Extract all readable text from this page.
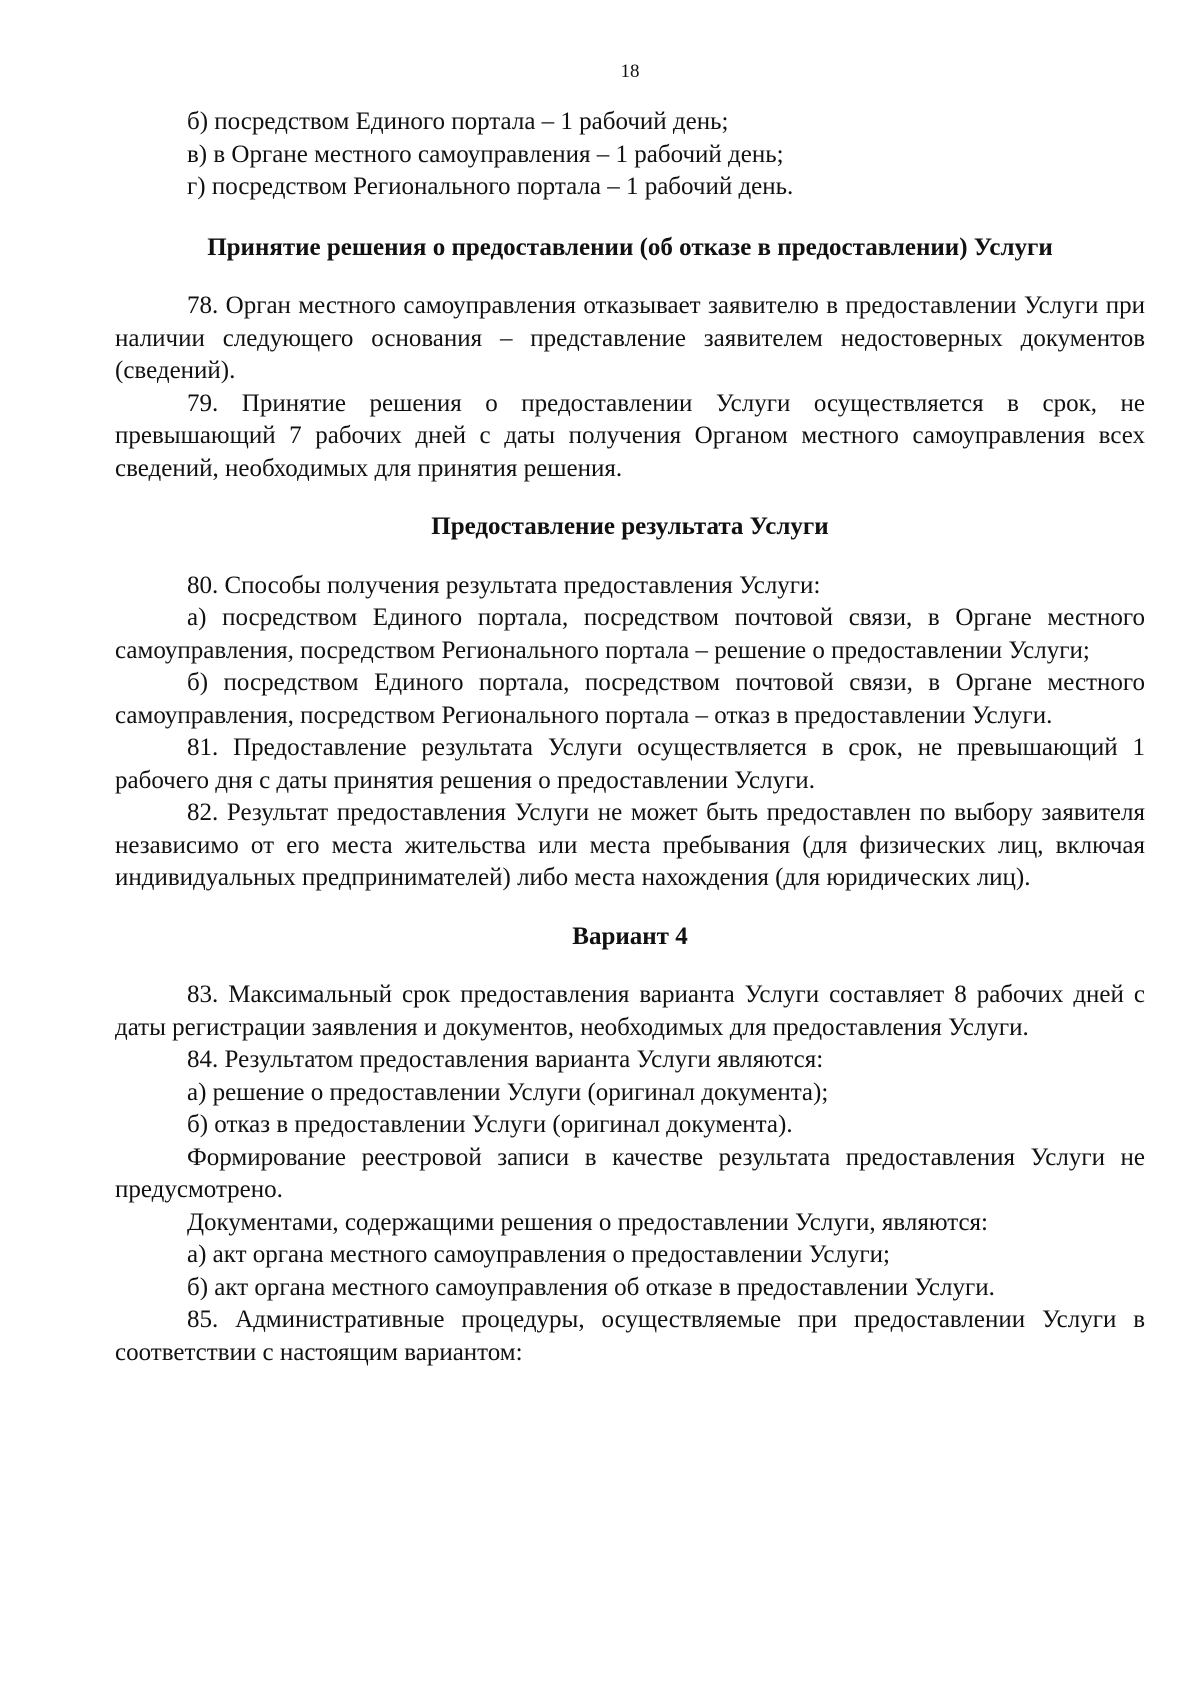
18

б) посредством Единого портала – 1 рабочий день;

в) в Органе местного самоуправления – 1 рабочий день;

г) посредством Регионального портала – 1 рабочий день.

Принятие решения о предоставлении (об отказе в предоставлении) Услуги

78. Орган местного самоуправления отказывает заявителю в предоставлении Услуги при наличии следующего основания – представление заявителем недостоверных документов (сведений).

79. Принятие решения о предоставлении Услуги осуществляется в срок, не превышающий 7 рабочих дней с даты получения Органом местного самоуправления всех сведений, необходимых для принятия решения.

Предоставление результата Услуги

80. Способы получения результата предоставления Услуги:

а) посредством Единого портала, посредством почтовой связи, в Органе местного самоуправления, посредством Регионального портала – решение о предоставлении Услуги;

б) посредством Единого портала, посредством почтовой связи, в Органе местного самоуправления, посредством Регионального портала – отказ в предоставлении Услуги.

81. Предоставление результата Услуги осуществляется в срок, не превышающий 1 рабочего дня с даты принятия решения о предоставлении Услуги.

82. Результат предоставления Услуги не может быть предоставлен по выбору заявителя независимо от его места жительства или места пребывания (для физических лиц, включая индивидуальных предпринимателей) либо места нахождения (для юридических лиц).

Вариант 4

83. Максимальный срок предоставления варианта Услуги составляет 8 рабочих дней с даты регистрации заявления и документов, необходимых для предоставления Услуги.

84. Результатом предоставления варианта Услуги являются:

а) решение о предоставлении Услуги (оригинал документа);

б) отказ в предоставлении Услуги (оригинал документа).

Формирование реестровой записи в качестве результата предоставления Услуги не предусмотрено.

Документами, содержащими решения о предоставлении Услуги, являются:

а) акт органа местного самоуправления о предоставлении Услуги;

б) акт органа местного самоуправления об отказе в предоставлении Услуги.

85. Административные процедуры, осуществляемые при предоставлении Услуги в соответствии с настоящим вариантом:
